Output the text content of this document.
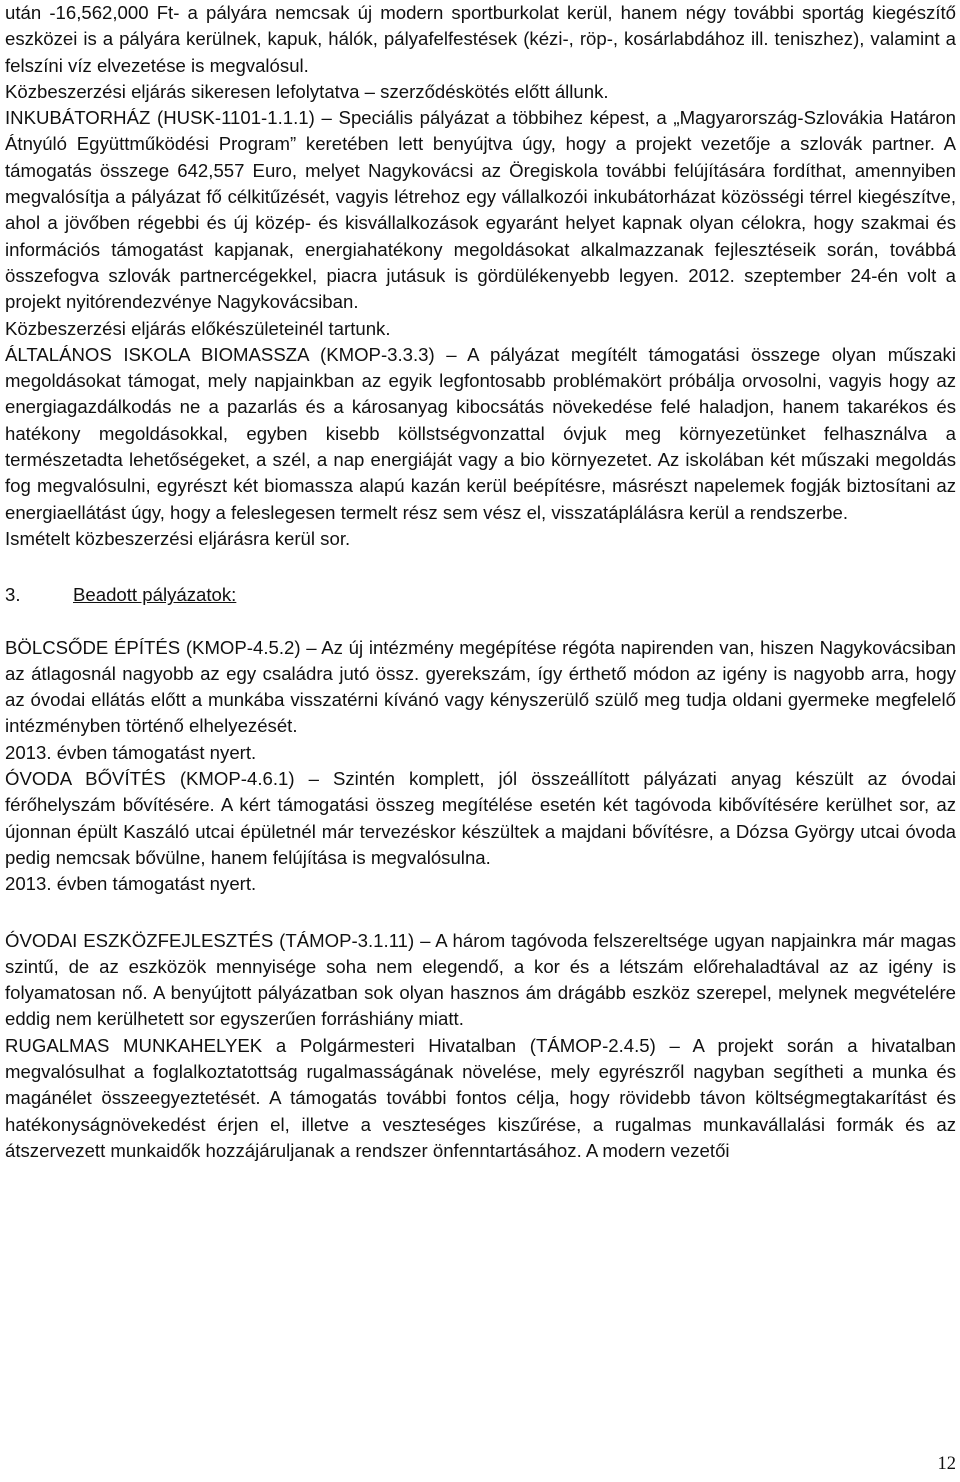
után -16,562,000 Ft- a pályára nemcsak új modern sportburkolat kerül, hanem négy további sportág kiegészítő eszközei is a pályára kerülnek, kapuk, hálók, pályafelfestések (kézi-, röp-, kosárlabdához ill. teniszhez), valamint a felszíni víz elvezetése is megvalósul.

Közbeszerzési eljárás sikeresen lefolytatva – szerződéskötés előtt állunk.

INKUBÁTORHÁZ (HUSK-1101-1.1.1) – Speciális pályázat a többihez képest, a „Magyarország-Szlovákia Határon Átnyúló Együttműködési Program” keretében lett benyújtva úgy, hogy a projekt vezetője a szlovák partner. A támogatás összege 642,557 Euro, melyet Nagykovácsi az Öregiskola további felújítására fordíthat, amennyiben megvalósítja a pályázat fő célkitűzését, vagyis létrehoz egy vállalkozói inkubátorházat közösségi térrel kiegészítve, ahol a jövőben régebbi és új közép- és kisvállalkozások egyaránt helyet kapnak olyan célokra, hogy szakmai és információs támogatást kapjanak, energiahatékony megoldásokat alkalmazzanak fejlesztéseik során, továbbá összefogva szlovák partnercégekkel, piacra jutásuk is gördülékenyebb legyen. 2012. szeptember 24-én volt a projekt nyitórendezvénye Nagykovácsiban.

Közbeszerzési eljárás előkészületeinél tartunk.

ÁLTALÁNOS ISKOLA BIOMASSZA (KMOP-3.3.3) – A pályázat megítélt támogatási összege olyan műszaki megoldásokat támogat, mely napjainkban az egyik legfontosabb problémakört próbálja orvosolni, vagyis hogy az energiagazdálkodás ne a pazarlás és a károsanyag kibocsátás növekedése felé haladjon, hanem takarékos és hatékony megoldásokkal, egyben kisebb köllstségvonzattal óvjuk meg környezetünket felhasználva a természetadta lehetőségeket, a szél, a nap energiáját vagy a bio környezetet. Az iskolában két műszaki megoldás fog megvalósulni, egyrészt két biomassza alapú kazán kerül beépítésre, másrészt napelemek fogják biztosítani az energiaellátást úgy, hogy a feleslegesen termelt rész sem vész el, visszatáplálásra kerül a rendszerbe.

Ismételt közbeszerzési eljárásra kerül sor.

3.	Beadott pályázatok:

BÖLCSŐDE ÉPÍTÉS (KMOP-4.5.2) – Az új intézmény megépítése régóta napirenden van, hiszen Nagykovácsiban az átlagosnál nagyobb az egy családra jutó össz. gyerekszám, így érthető módon az igény is nagyobb arra, hogy az óvodai ellátás előtt a munkába visszatérni kívánó vagy kényszerülő szülő meg tudja oldani gyermeke megfelelő intézményben történő elhelyezését.

2013. évben támogatást nyert.

ÓVODA BŐVÍTÉS (KMOP-4.6.1) – Szintén komplett, jól összeállított pályázati anyag készült az óvodai férőhelyszám bővítésére. A kért támogatási összeg megítélése esetén két tagóvoda kibővítésére kerülhet sor, az újonnan épült Kaszáló utcai épületnél már tervezéskor készültek a majdani bővítésre, a Dózsa György utcai óvoda pedig nemcsak bővülne, hanem felújítása is megvalósulna.

2013. évben támogatást nyert.

ÓVODAI ESZKÖZFEJLESZTÉS (TÁMOP-3.1.11) – A három tagóvoda felszereltsége ugyan napjainkra már magas szintű, de az eszközök mennyisége soha nem elegendő, a kor és a létszám előrehaladtával az az igény is folyamatosan nő. A benyújtott pályázatban sok olyan hasznos ám drágább eszköz szerepel, melynek megvételére eddig nem kerülhetett sor egyszerűen forráshiány miatt.

RUGALMAS MUNKAHELYEK a Polgármesteri Hivatalban (TÁMOP-2.4.5) – A projekt során a hivatalban megvalósulhat a foglalkoztatottság rugalmasságának növelése, mely egyrészről nagyban segítheti a munka és magánélet összeegyeztetését. A támogatás további fontos célja, hogy rövidebb távon költségmegtakarítást és hatékonyságnövekedést érjen el, illetve a veszteséges kiszűrése, a rugalmas munkavállalási formák és az átszervezett munkaidők hozzájáruljanak a rendszer önfenntartásához. A modern vezetői

12
